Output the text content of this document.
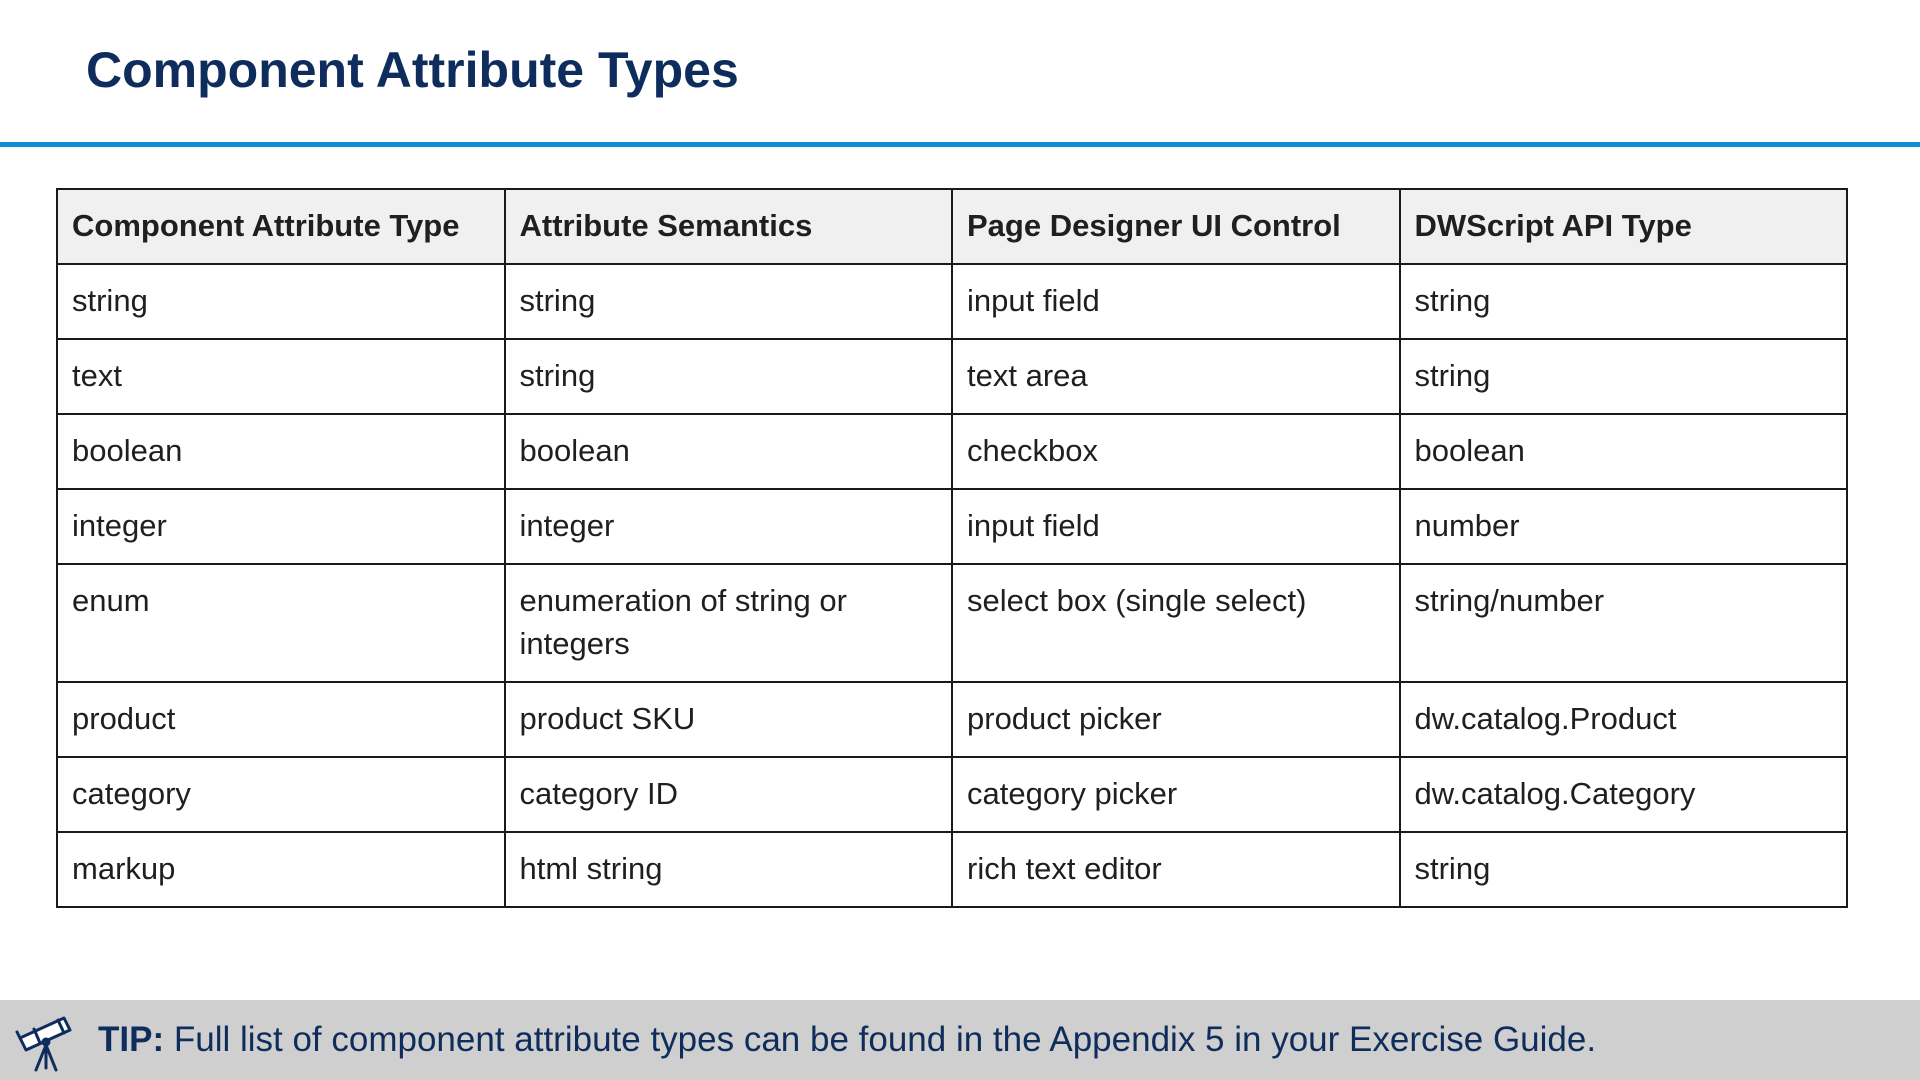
Component Attribute Types
Component Attribute Type	Attribute Semantics	Page Designer UI Control	DWScript API Type
string	string	input field	string
text	string	text area	string
boolean	boolean	checkbox	boolean
integer	integer	input field	number
enum	enumeration of string or integers	select box (single select)	string/number
product	product SKU	product picker	dw.catalog.Product
category	category ID	category picker	dw.catalog.Category
markup	html string	rich text editor	string
TIP: Full list of component attribute types can be found in the Appendix 5 in your Exercise Guide.
